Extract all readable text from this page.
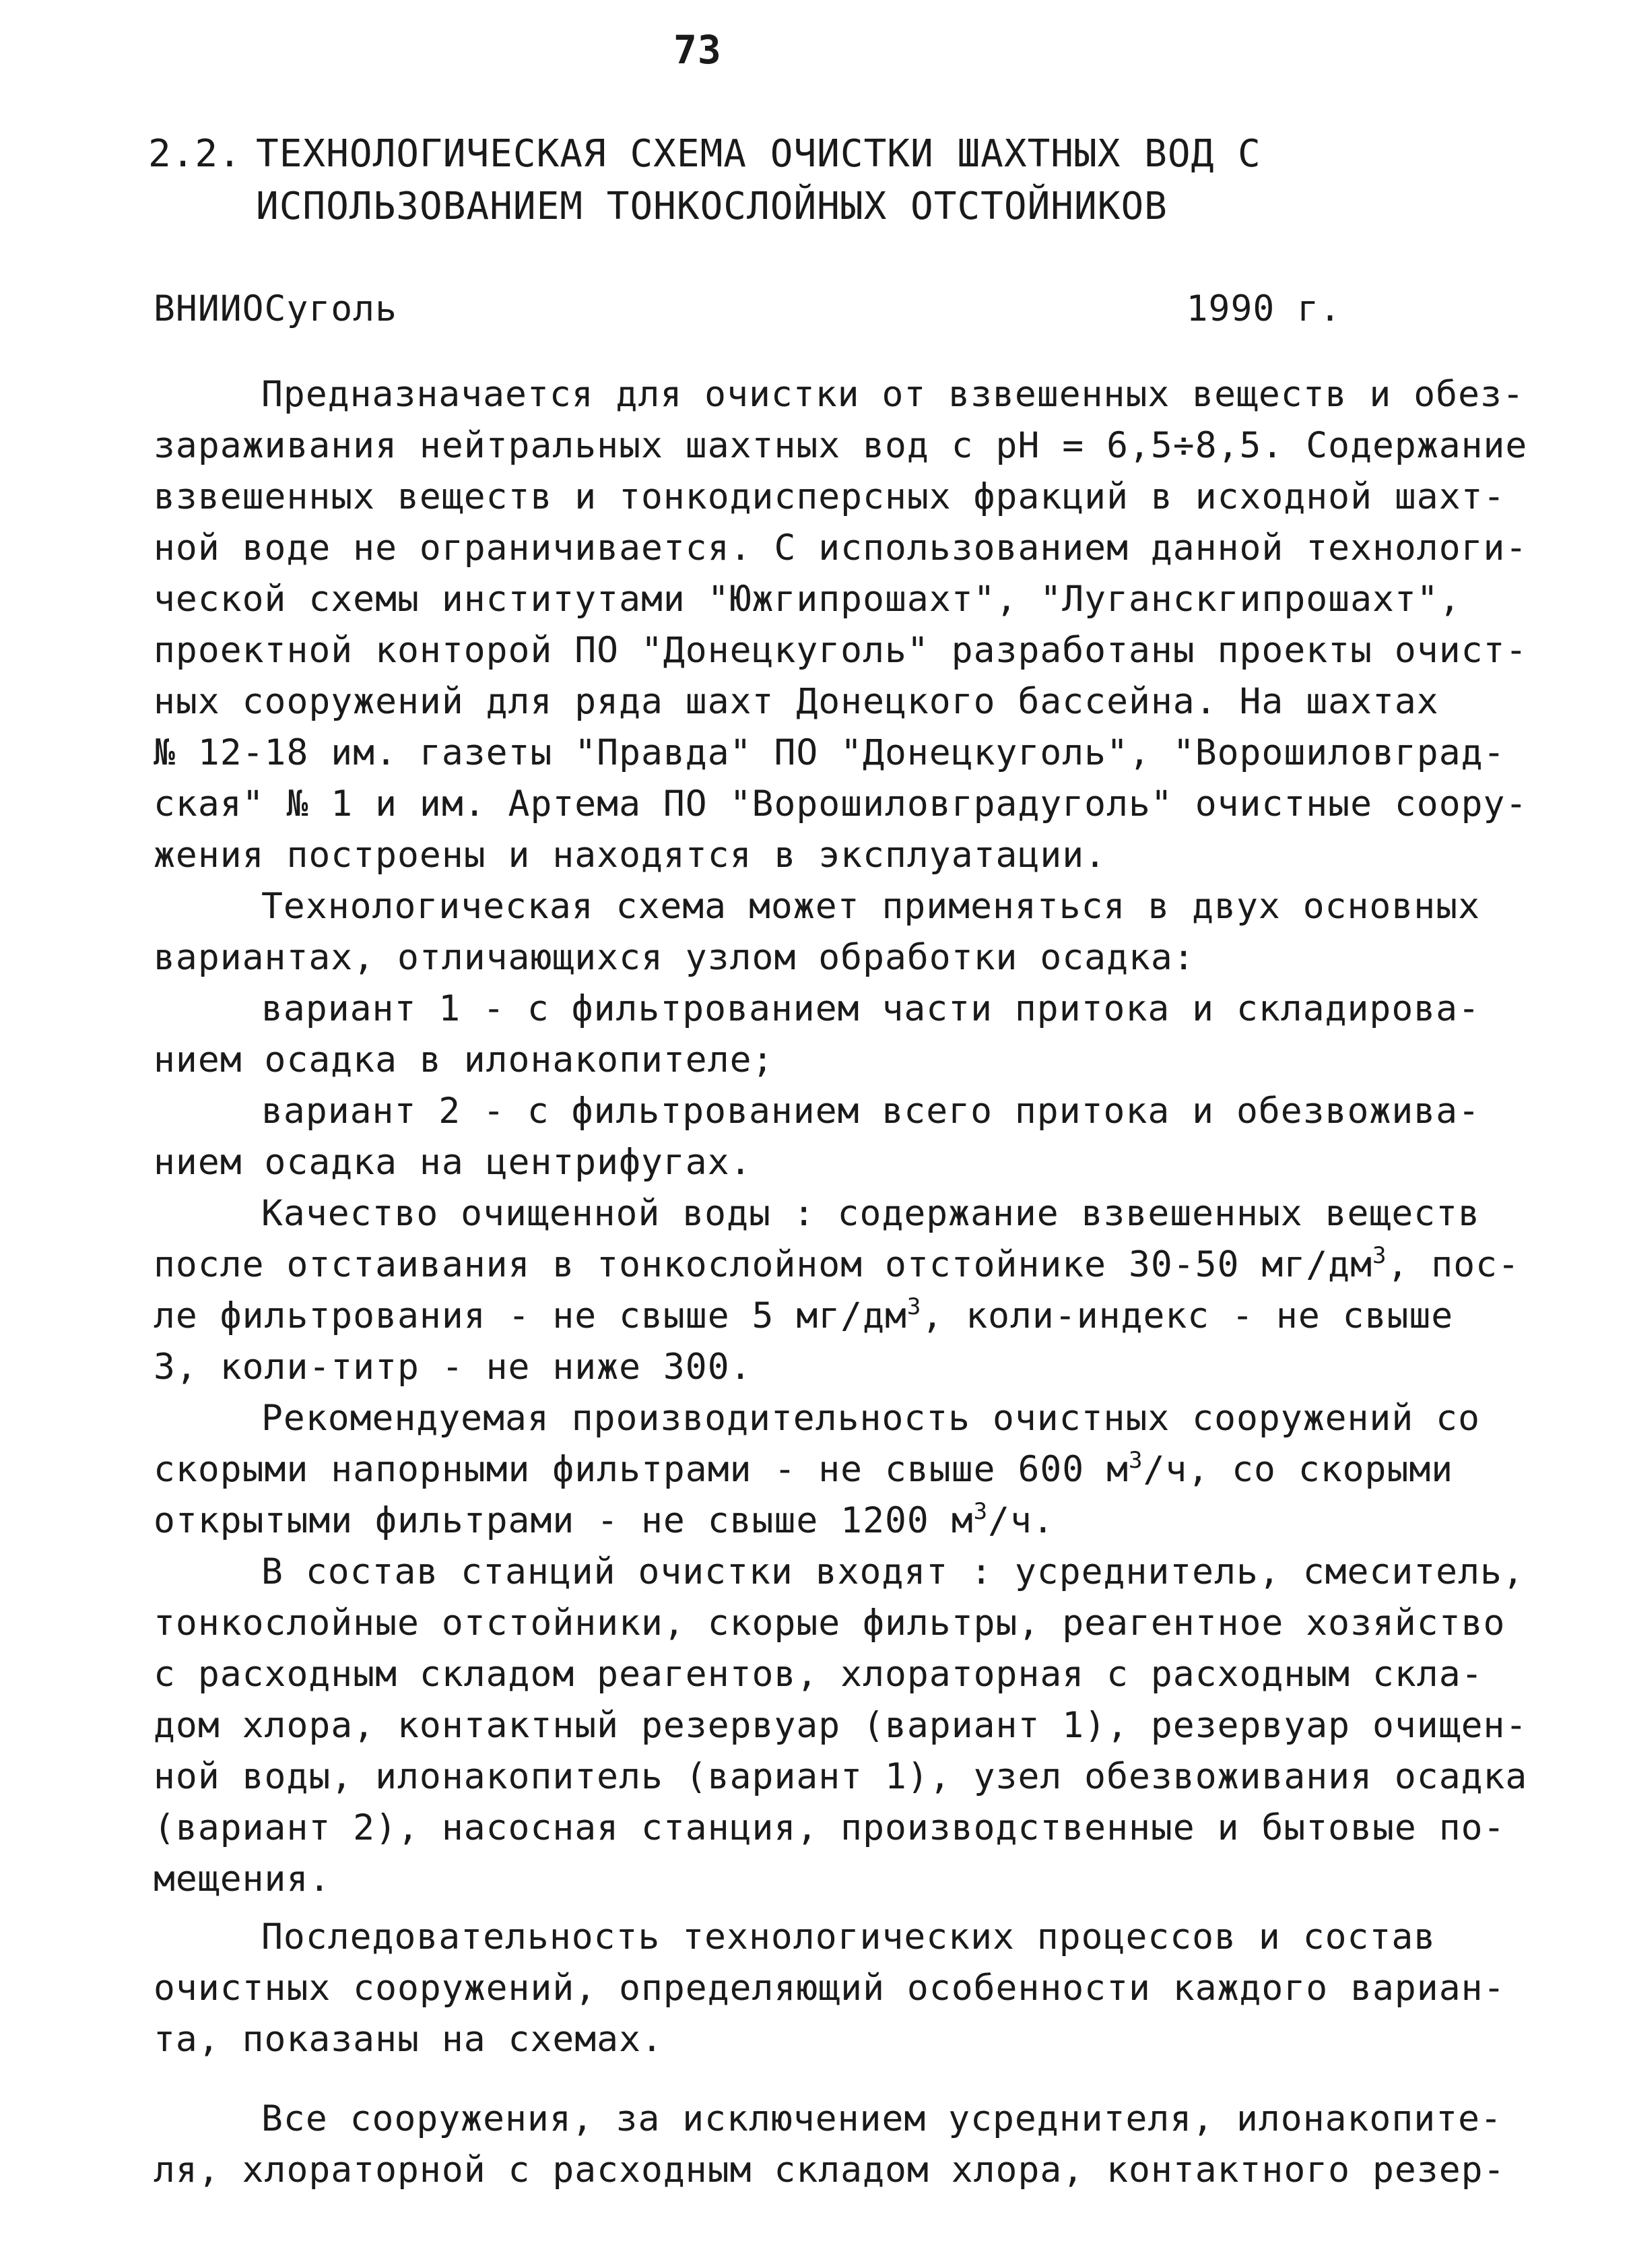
73
2.2. ТЕХНОЛОГИЧЕСКАЯ СХЕМА ОЧИСТКИ ШАХТНЫХ ВОД С
ИСПОЛЬЗОВАНИЕМ ТОНКОСЛОЙНЫХ ОТСТОЙНИКОВ
ВНИИОСуголь	1990 г.
Предназначается для очистки от взвешенных веществ и обез-
зараживания нейтральных шахтных вод с рН = 6,5÷8,5. Содержание
взвешенных веществ и тонкодисперсных фракций в исходной шахт-
ной воде не ограничивается. С использованием данной технологи-
ческой схемы институтами "Южгипрошахт", "Луганскгипрошахт",
проектной конторой ПО "Донецкуголь" разработаны проекты очист-
ных сооружений для ряда шахт Донецкого бассейна. На шахтах
№ 12-18 им. газеты "Правда" ПО "Донецкуголь", "Ворошиловград-
ская" № 1 и им. Артема ПО "Ворошиловградуголь" очистные соору-
жения построены и находятся в эксплуатации.
Технологическая схема может применяться в двух основных
вариантах, отличающихся узлом обработки осадка:
вариант 1 - с фильтрованием части притока и складирова-
нием осадка в илонакопителе;
вариант 2 - с фильтрованием всего притока и обезвожива-
нием осадка на центрифугах.
Качество очищенной воды : содержание взвешенных веществ
после отстаивания в тонкослойном отстойнике 30-50 $мг/дм^3$, пос-
ле фильтрования - не свыше 5 $мг/дм^3$, коли-индекс - не свыше
3, коли-титр - не ниже 300.
Рекомендуемая производительность очистных сооружений со
скорыми напорными фильтрами - не свыше 600 $м^3/ч$, со скорыми
открытыми фильтрами - не свыше 1200 $м^3/ч$.
В состав станций очистки входят : усреднитель, смеситель,
тонкослойные отстойники, скорые фильтры, реагентное хозяйство
с расходным складом реагентов, хлораторная с расходным скла-
дом хлора, контактный резервуар (вариант 1), резервуар очищен-
ной воды, илонакопитель (вариант 1), узел обезвоживания осадка
(вариант 2), насосная станция, производственные и бытовые по-
мещения.
Последовательность технологических процессов и состав
очистных сооружений, определяющий особенности каждого вариан-
та, показаны на схемах.
Все сооружения, за исключением усреднителя, илонакопите-
ля, хлораторной с расходным складом хлора, контактного резер-
